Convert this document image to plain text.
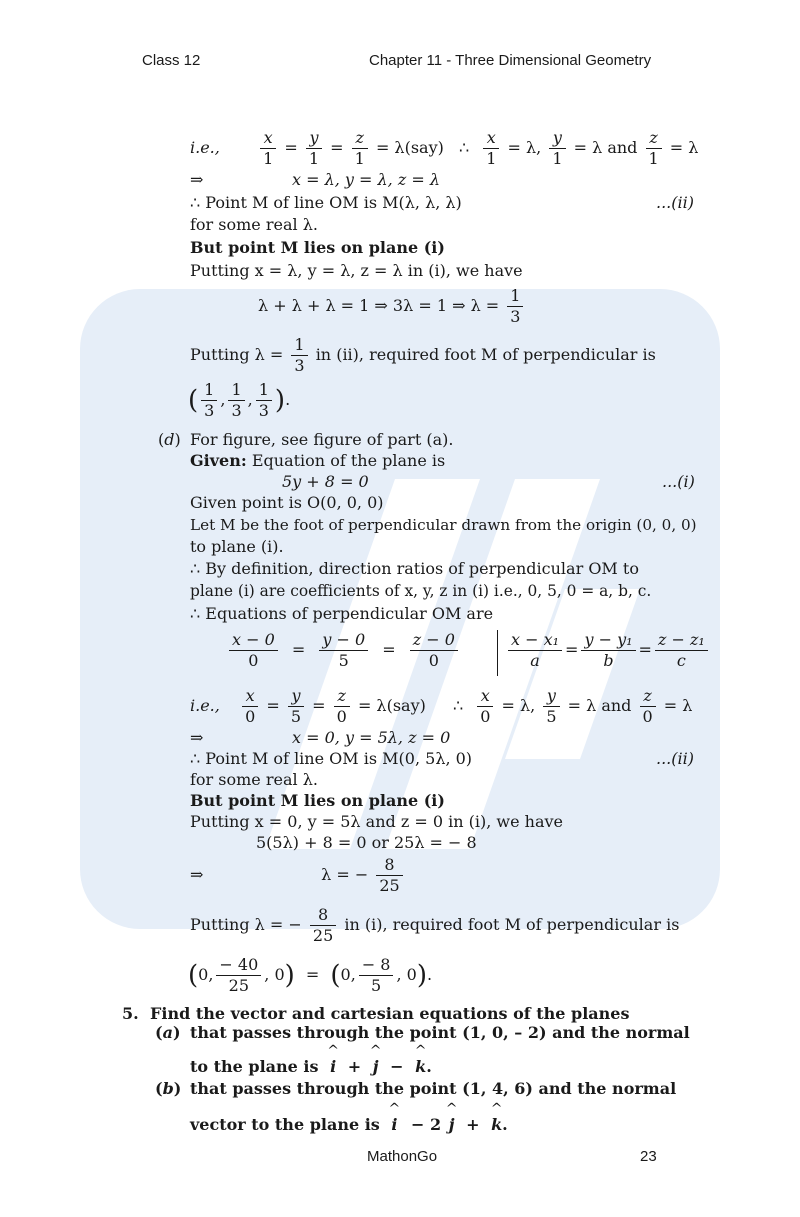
Class 12	Chapter 11 - Three Dimensional Geometry
i.e.,	$\frac{x}{1} = \frac{y}{1} = \frac{z}{1} = \lambda(say)$ ∴ $\frac{x}{1} = \lambda$, $\frac{y}{1} = \lambda$ and $\frac{z}{1} = \lambda$
⇒	x = λ, y = λ, z = λ
∴ Point M of line OM is M(λ, λ, λ)	...(ii)
for some real λ.
But point M lies on plane (i)
Putting x = λ, y = λ, z = λ in (i), we have
λ + λ + λ = 1 ⇒ 3λ = 1 ⇒ $\lambda = \frac{1}{3}$
Putting $\lambda = \frac{1}{3}$ in (ii), required foot M of perpendicular is
( $\frac{1}{3}$ , $\frac{1}{3}$ , $\frac{1}{3}$ ).
(d) For figure, see figure of part (a).
Given: Equation of the plane is
5y + 8 = 0	...(i)
Given point is O(0, 0, 0)
Let M be the foot of perpendicular drawn from the origin (0, 0, 0)
to plane (i).
∴ By definition, direction ratios of perpendicular OM to
plane (i) are coefficients of x, y, z in (i) i.e., 0, 5, 0 = a, b, c.
∴ Equations of perpendicular OM are
$\frac{x - 0}{0} = \frac{y - 0}{5} = \frac{z - 0}{0}$	$\frac{\text{x − x₁}}{a} = \frac{\text{y − y₁}}{b} = \frac{\text{z − z₁}}{c}$
i.e., $\frac{x}{0} = \frac{y}{5} = \frac{z}{0} = \lambda(say)$ ∴ $\frac{x}{0} = \lambda$, $\frac{y}{5} = \lambda$ and $\frac{z}{0} = \lambda$
⇒	x = 0, y = 5λ, z = 0
∴ Point M of line OM is M(0, 5λ, 0)	...(ii)
for some real λ.
But point M lies on plane (i)
Putting x = 0, y = 5λ and z = 0 in (i), we have
5(5λ) + 8 = 0 or 25λ = − 8
⇒	λ = − $\frac{8}{25}$
Putting λ = − $\frac{8}{25}$ in (i), required foot M of perpendicular is
(0, $\frac{- 40}{25}$ , 0) = (0, $\frac{- 8}{5}$ , 0).
5. Find the vector and cartesian equations of the planes
(a) that passes through the point (1, 0, – 2) and the normal
to the plane is ^ i + ^ j − ^ k.
(b) that passes through the point (1, 4, 6) and the normal
vector to the plane is ^ i − 2 ^ j + ^ k.
MathonGo	23
